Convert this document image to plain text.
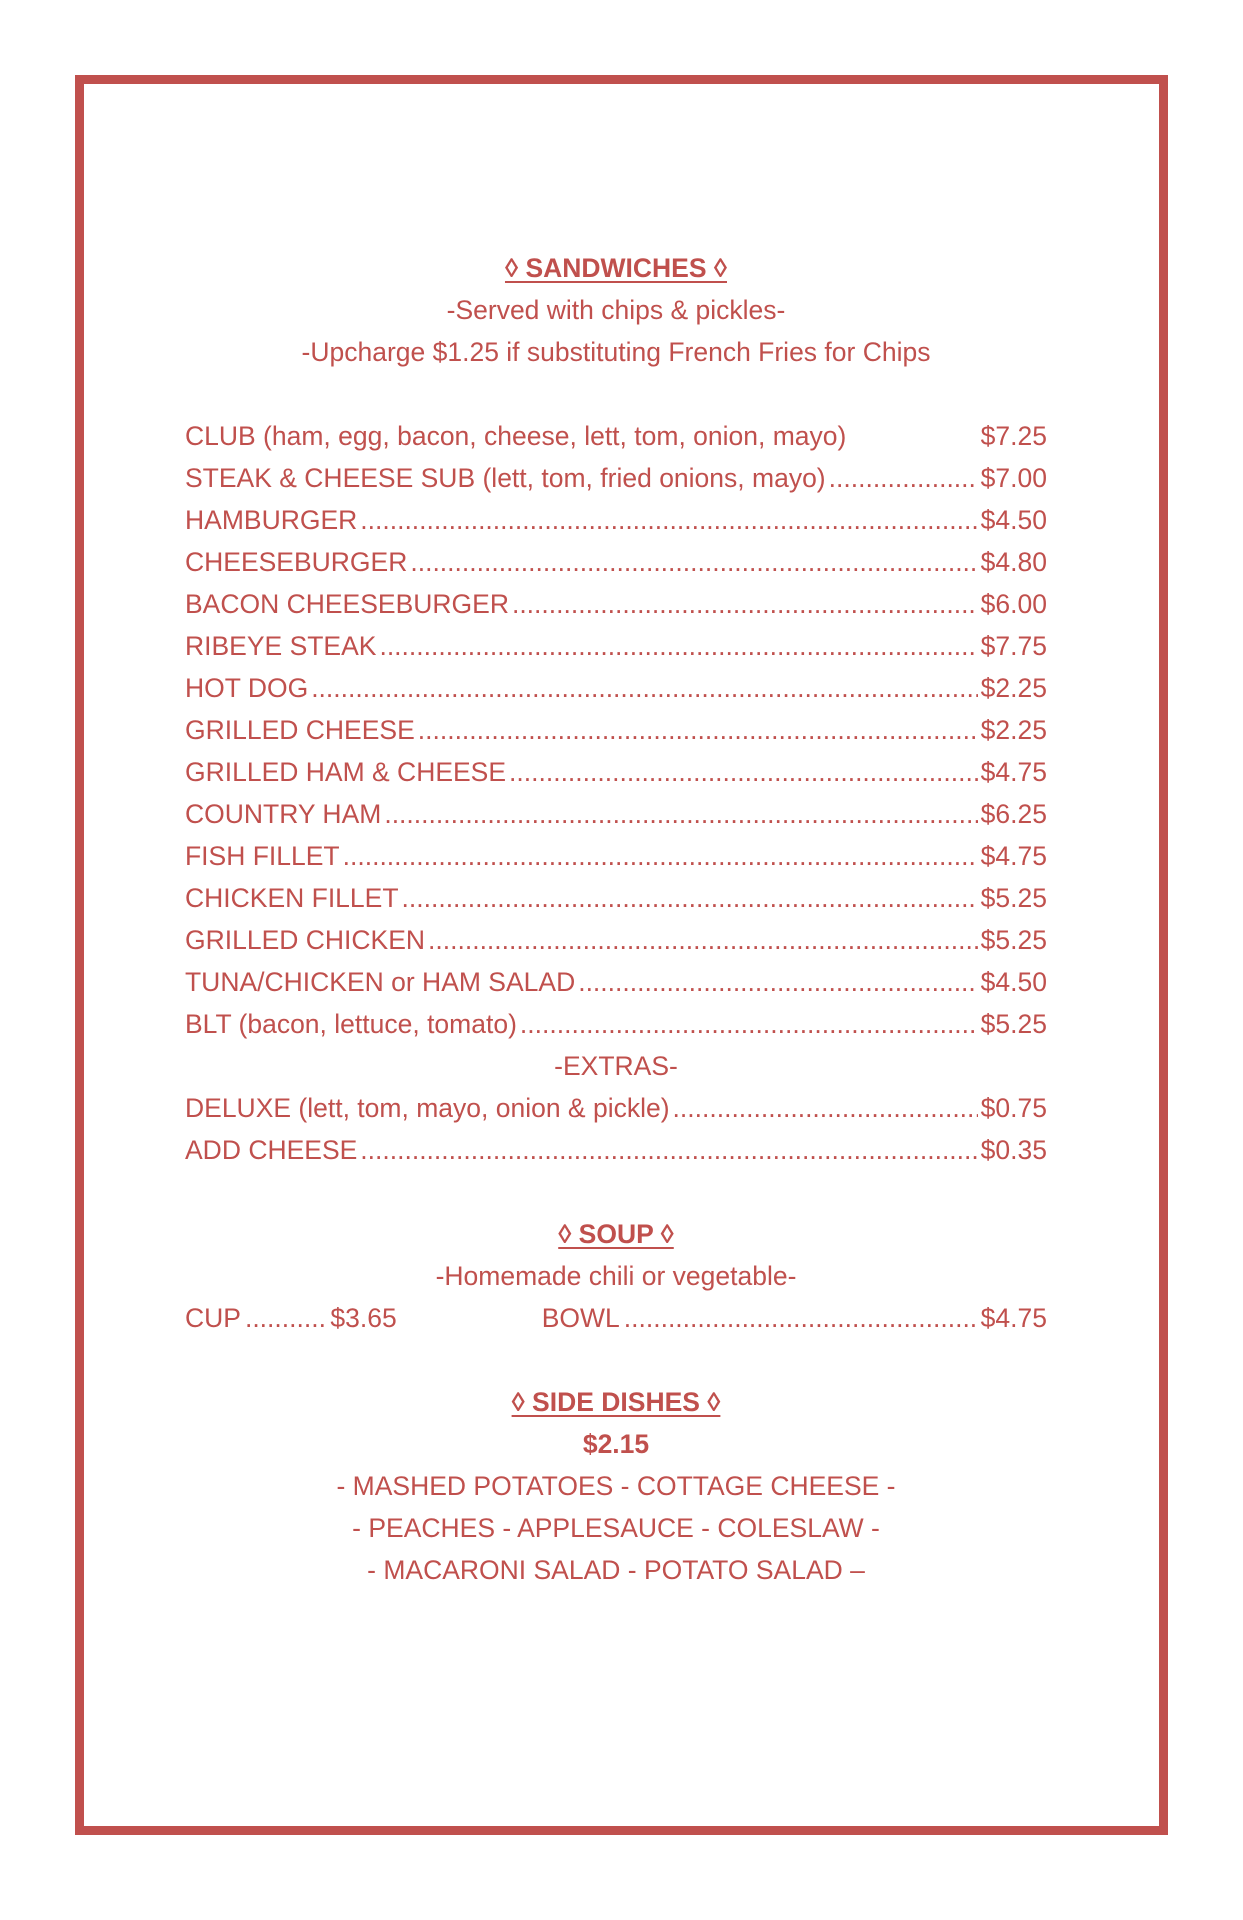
◊ SANDWICHES ◊
-Served with chips & pickles-
-Upcharge $1.25 if substituting French Fries for Chips
CLUB (ham, egg, bacon, cheese, lett, tom, onion, mayo)	$7.25
STEAK & CHEESE SUB (lett, tom, fried onions, mayo) .....	$7.00
HAMBURGER .....	$4.50
CHEESEBURGER .....	$4.80
BACON CHEESEBURGER .....	$6.00
RIBEYE STEAK .....	$7.75
HOT DOG .....	$2.25
GRILLED CHEESE .....	$2.25
GRILLED HAM & CHEESE .....	$4.75
COUNTRY HAM .....	$6.25
FISH FILLET .....	$4.75
CHICKEN FILLET .....	$5.25
GRILLED CHICKEN .....	$5.25
TUNA/CHICKEN or HAM SALAD .....	$4.50
BLT (bacon, lettuce, tomato) .....	$5.25
-EXTRAS-
DELUXE (lett, tom, mayo, onion & pickle) .....	$0.75
ADD CHEESE .....	$0.35
◊ SOUP ◊
-Homemade chili or vegetable-
CUP .....	$3.65	BOWL .....	$4.75
◊ SIDE DISHES ◊
$2.15
- MASHED POTATOES - COTTAGE CHEESE -
- PEACHES - APPLESAUCE - COLESLAW -
- MACARONI SALAD - POTATO SALAD –
